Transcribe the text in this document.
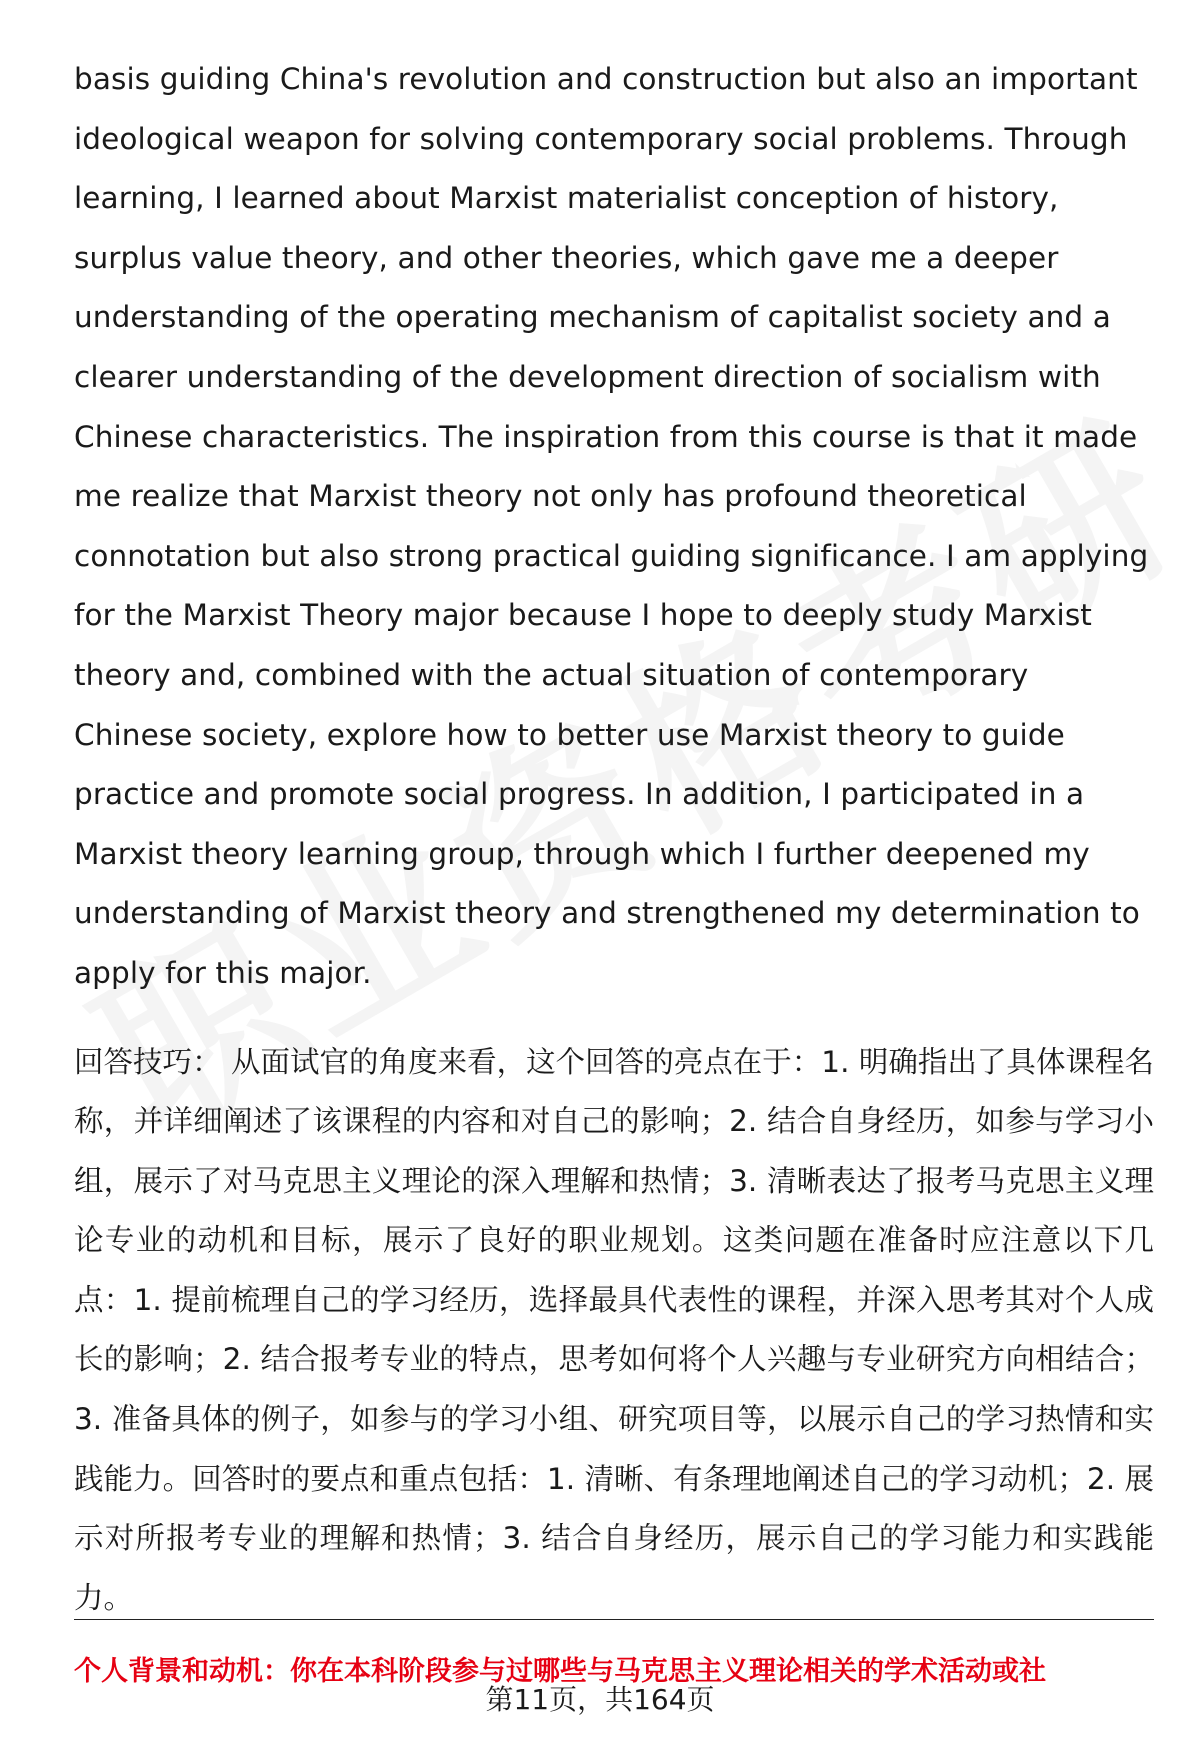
basis guiding China's revolution and construction but also an important ideological weapon for solving contemporary social problems. Through learning, I learned about Marxist materialist conception of history, surplus value theory, and other theories, which gave me a deeper understanding of the operating mechanism of capitalist society and a clearer understanding of the development direction of socialism with Chinese characteristics. The inspiration from this course is that it made me realize that Marxist theory not only has profound theoretical connotation but also strong practical guiding significance. I am applying for the Marxist Theory major because I hope to deeply study Marxist theory and, combined with the actual situation of contemporary Chinese society, explore how to better use Marxist theory to guide practice and promote social progress. In addition, I participated in a Marxist theory learning group, through which I further deepened my understanding of Marxist theory and strengthened my determination to apply for this major.

回答技巧： 从面试官的角度来看，这个回答的亮点在于：1. 明确指出了具体课程名称，并详细阐述了该课程的内容和对自己的影响；2. 结合自身经历，如参与学习小组，展示了对马克思主义理论的深入理解和热情；3. 清晰表达了报考马克思主义理论专业的动机和目标，展示了良好的职业规划。这类问题在准备时应注意以下几点：1. 提前梳理自己的学习经历，选择最具代表性的课程，并深入思考其对个人成长的影响；2. 结合报考专业的特点，思考如何将个人兴趣与专业研究方向相结合；3. 准备具体的例子，如参与的学习小组、研究项目等，以展示自己的学习热情和实践能力。回答时的要点和重点包括：1. 清晰、有条理地阐述自己的学习动机；2. 展示对所报考专业的理解和热情；3. 结合自身经历，展示自己的学习能力和实践能力。

个人背景和动机：你在本科阶段参与过哪些与马克思主义理论相关的学术活动或社
第11页，共164页
